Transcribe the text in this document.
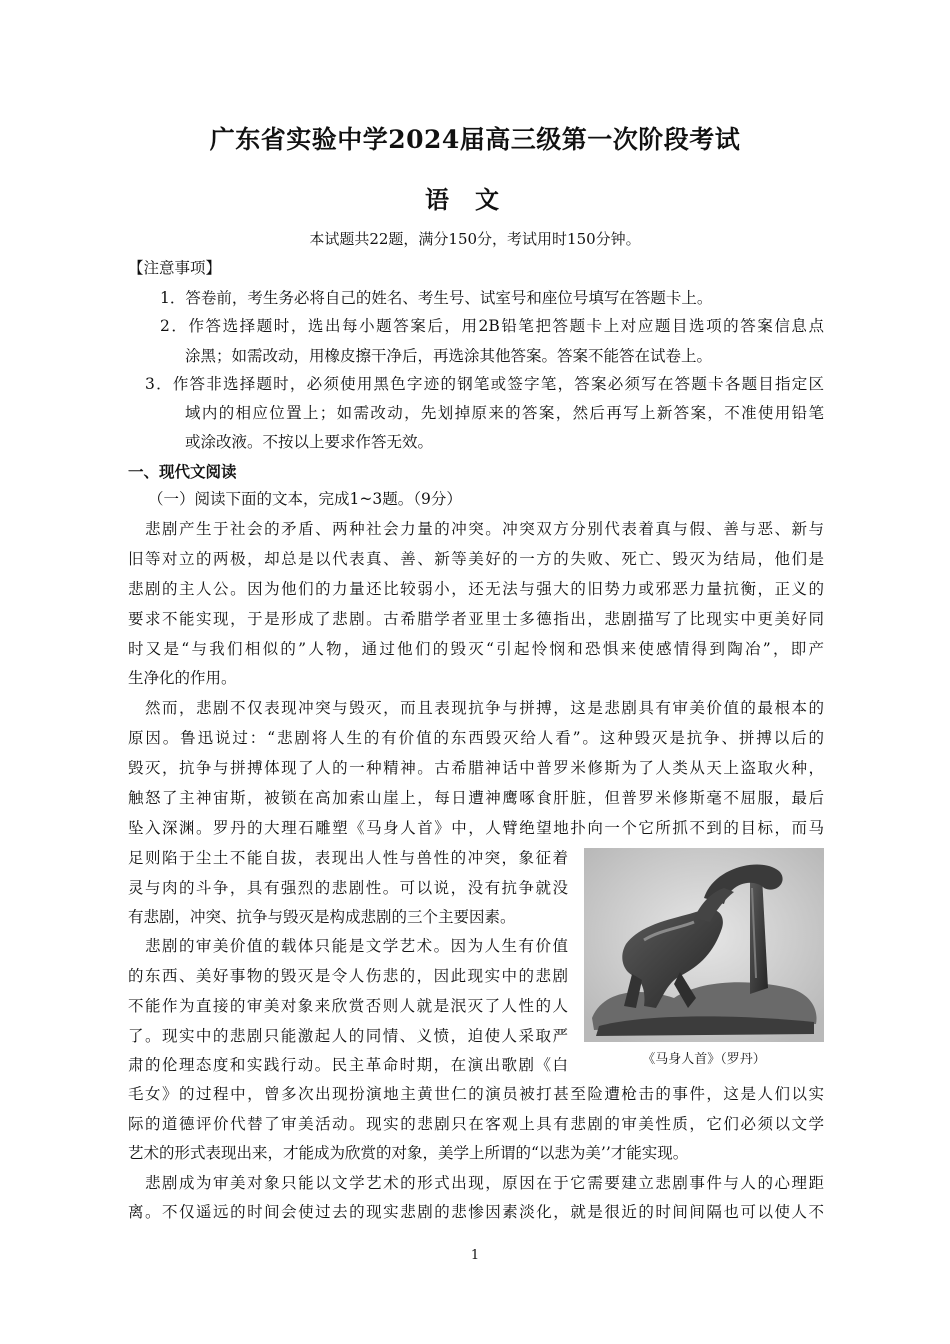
广东省实验中学2024届高三级第一次阶段考试
语文
本试题共22题，满分150分，考试用时150分钟。
【注意事项】
1．答卷前，考生务必将自己的姓名、考生号、试室号和座位号填写在答题卡上。
2．作答选择题时，选出每小题答案后，用2B铅笔把答题卡上对应题目选项的答案信息点
涂黑；如需改动，用橡皮擦干净后，再选涂其他答案。答案不能答在试卷上。
3．作答非选择题时，必须使用黑色字迹的钢笔或签字笔，答案必须写在答题卡各题目指定区
域内的相应位置上；如需改动，先划掉原来的答案，然后再写上新答案，不准使用铅笔
或涂改液。不按以上要求作答无效。
一、现代文阅读
（一）阅读下面的文本，完成1~3题。（9分）
悲剧产生于社会的矛盾、两种社会力量的冲突。冲突双方分别代表着真与假、善与恶、新与
旧等对立的两极，却总是以代表真、善、新等美好的一方的失败、死亡、毁灭为结局，他们是
悲剧的主人公。因为他们的力量还比较弱小，还无法与强大的旧势力或邪恶力量抗衡，正义的
要求不能实现，于是形成了悲剧。古希腊学者亚里士多德指出，悲剧描写了比现实中更美好同
时又是“与我们相似的”人物，通过他们的毁灭“引起怜悯和恐惧来使感情得到陶冶”，即产
生净化的作用。
然而，悲剧不仅表现冲突与毁灭，而且表现抗争与拼搏，这是悲剧具有审美价值的最根本的
原因。鲁迅说过：“悲剧将人生的有价值的东西毁灭给人看”。这种毁灭是抗争、拼搏以后的
毁灭，抗争与拼搏体现了人的一种精神。古希腊神话中普罗米修斯为了人类从天上盗取火种，
触怒了主神宙斯，被锁在高加索山崖上，每日遭神鹰啄食肝脏，但普罗米修斯毫不屈服，最后
坠入深渊。罗丹的大理石雕塑《马身人首》中，人臂绝望地扑向一个它所抓不到的目标，而马
足则陷于尘土不能自拔，表现出人性与兽性的冲突，象征着
灵与肉的斗争，具有强烈的悲剧性。可以说，没有抗争就没
有悲剧，冲突、抗争与毁灭是构成悲剧的三个主要因素。
悲剧的审美价值的载体只能是文学艺术。因为人生有价值
的东西、美好事物的毁灭是令人伤悲的，因此现实中的悲剧
不能作为直接的审美对象来欣赏否则人就是泯灭了人性的人
了。现实中的悲剧只能激起人的同情、义愤，迫使人采取严
肃的伦理态度和实践行动。民主革命时期，在演出歌剧《白
毛女》的过程中，曾多次出现扮演地主黄世仁的演员被打甚至险遭枪击的事件，这是人们以实
际的道德评价代替了审美活动。现实的悲剧只在客观上具有悲剧的审美性质，它们必须以文学
艺术的形式表现出来，才能成为欣赏的对象，美学上所谓的“以悲为美’’才能实现。
悲剧成为审美对象只能以文学艺术的形式出现，原因在于它需要建立悲剧事件与人的心理距
离。不仅遥远的时间会使过去的现实悲剧的悲惨因素淡化，就是很近的时间间隔也可以使人不
《马身人首》（罗丹）
1
